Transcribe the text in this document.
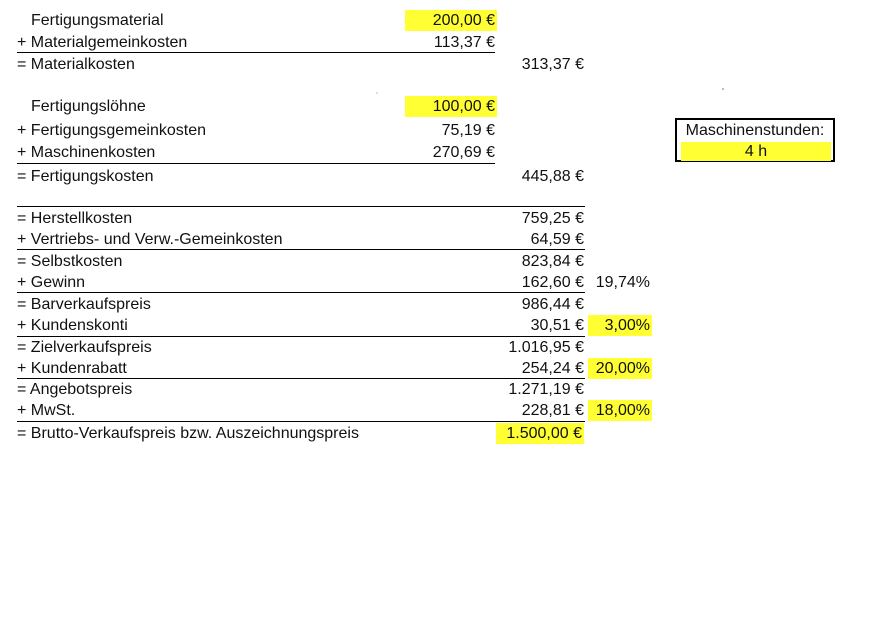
Fertigungsmaterial	200,00 €
+ Materialgemeinkosten	113,37 €
= Materialkosten	313,37 €
Fertigungslöhne	100,00 €
+ Fertigungsgemeinkosten	75,19 €
+ Maschinenkosten	270,69 €
= Fertigungskosten	445,88 €
= Herstellkosten	759,25 €
+ Vertriebs- und Verw.-Gemeinkosten	64,59 €
= Selbstkosten	823,84 €
+ Gewinn	162,60 € 19,74%
= Barverkaufspreis	986,44 €
+ Kundenskonti	30,51 €	3,00%
= Zielverkaufspreis	1.016,95 €
+ Kundenrabatt	254,24 € 20,00%
= Angebotspreis	1.271,19 €
+ MwSt.	228,81 € 18,00%
= Brutto-Verkaufspreis bzw. Auszeichnungspreis	1.500,00 €
Maschinenstunden:
4 h
